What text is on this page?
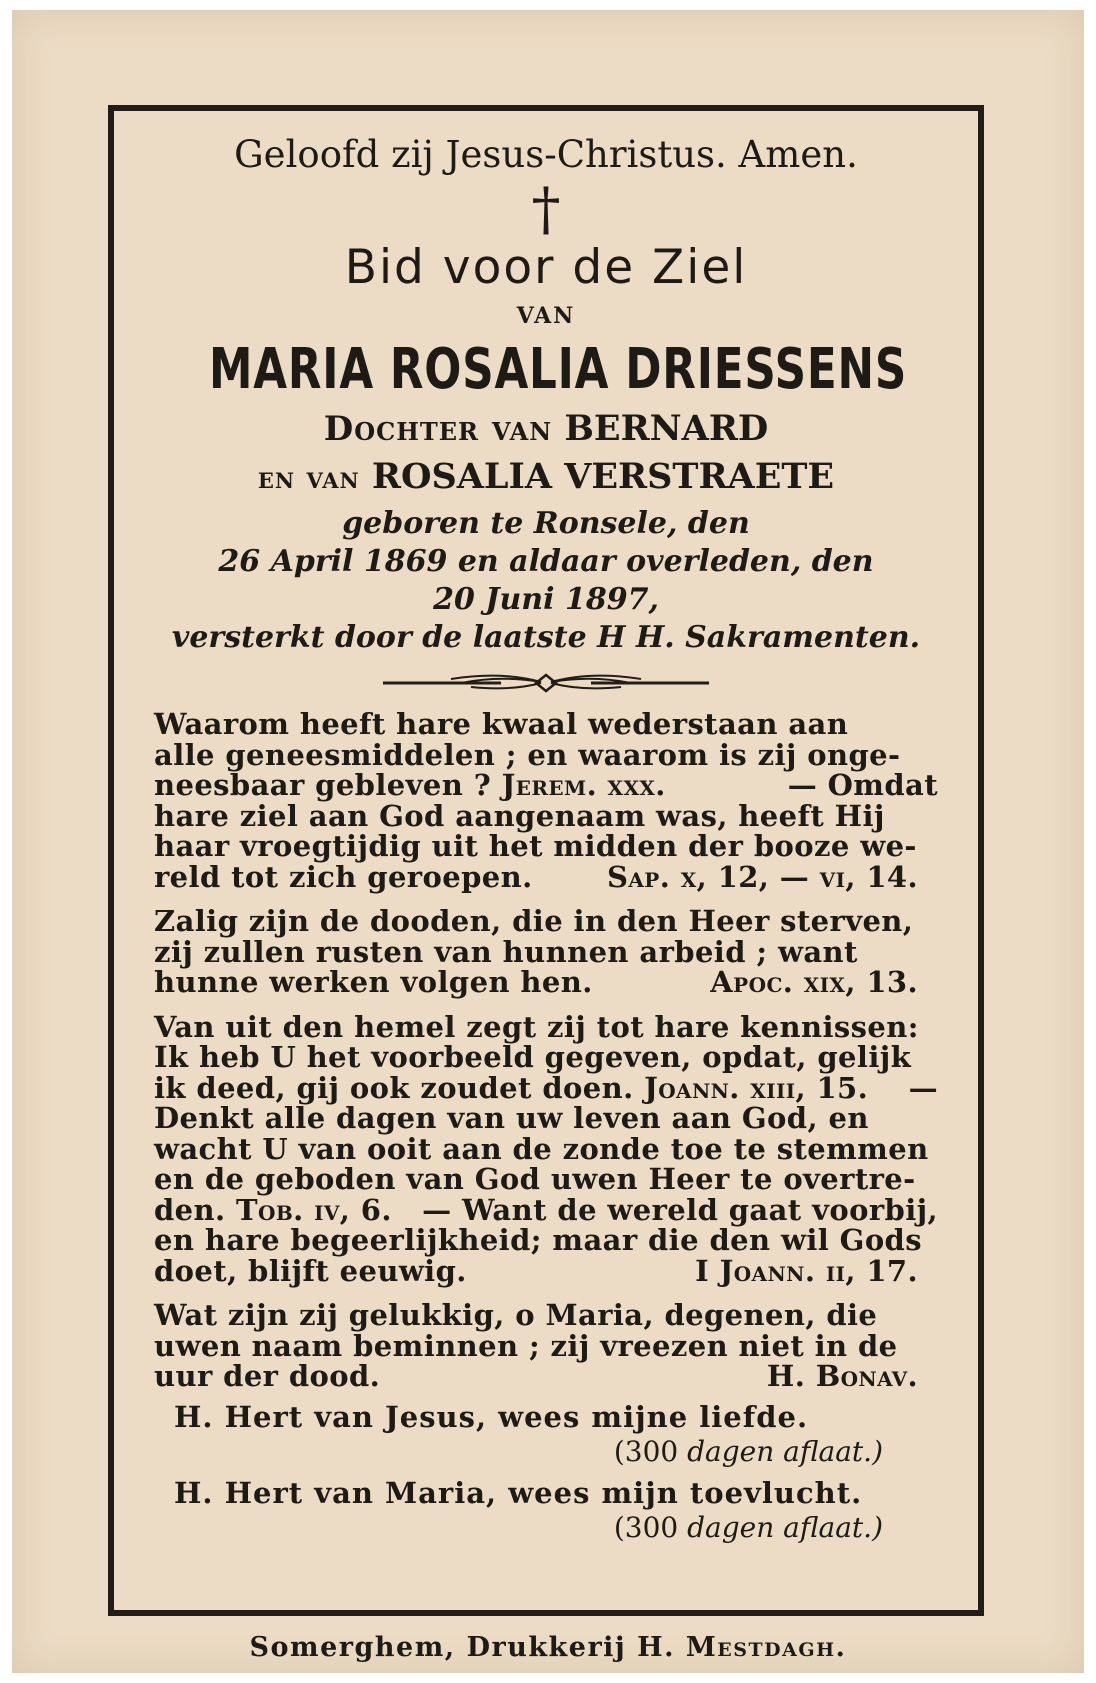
Geloofd zij Jesus-Christus. Amen.
†
Bid voor de Ziel
VAN
MARIA ROSALIA DRIESSENS
Dochter van BERNARD
en van ROSALIA VERSTRAETE
geboren te Ronsele, den
26 April 1869 en aldaar overleden, den
20 Juni 1897,
versterkt door de laatste H H. Sakramenten.
Waarom heeft hare kwaal wederstaan aan
alle geneesmiddelen ; en waarom is zij onge-
neesbaar gebleven ? Jerem. xxx.	— Omdat
hare ziel aan God aangenaam was, heeft Hij
haar vroegtijdig uit het midden der booze we-
reld tot zich geroepen.	Sap. x, 12, — vi, 14.
Zalig zijn de dooden, die in den Heer sterven,
zij zullen rusten van hunnen arbeid ; want
hunne werken volgen hen.	Apoc. xix, 13.
Van uit den hemel zegt zij tot hare kennissen:
Ik heb U het voorbeeld gegeven, opdat, gelijk
ik deed, gij ook zoudet doen. Joann. xiii, 15. —
Denkt alle dagen van uw leven aan God, en
wacht U van ooit aan de zonde toe te stemmen
en de geboden van God uwen Heer te overtre-
den. Tob. iv, 6. — Want de wereld gaat voorbij,
en hare begeerlijkheid; maar die den wil Gods
doet, blijft eeuwig.	I Joann. ii, 17.
Wat zijn zij gelukkig, o Maria, degenen, die
uwen naam beminnen ; zij vreezen niet in de
uur der dood.	H. Bonav.
H. Hert van Jesus, wees mijne liefde.
(300 dagen aflaat.)
H. Hert van Maria, wees mijn toevlucht.
(300 dagen aflaat.)
Somerghem, Drukkerij H. Mestdagh.
